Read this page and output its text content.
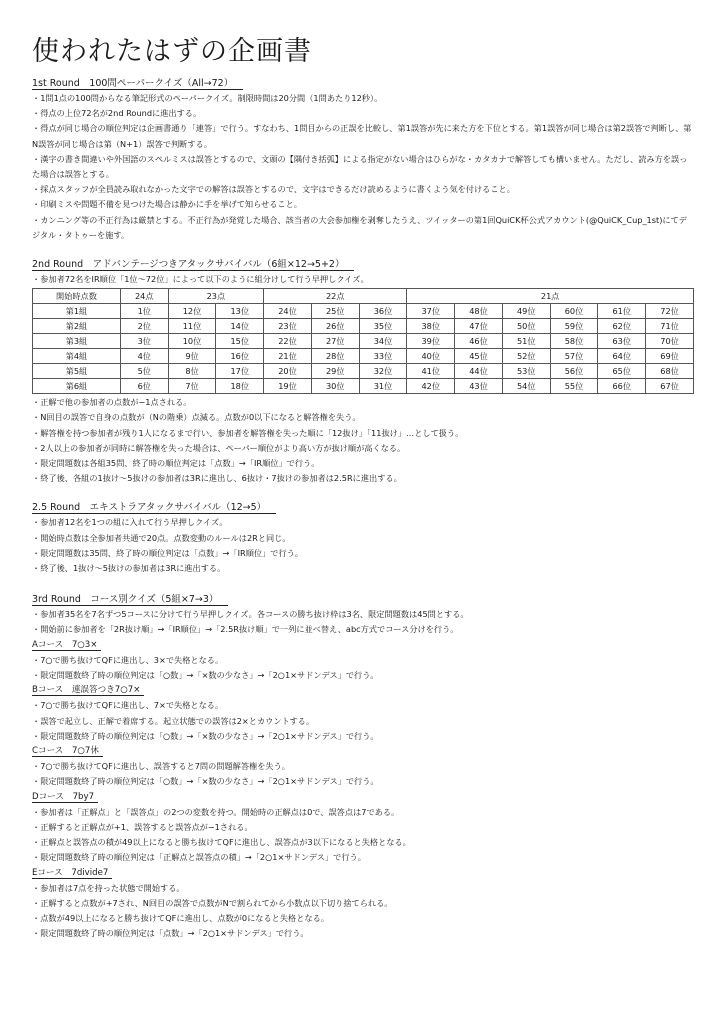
使われたはずの企画書
1st Round　100問ペーパークイズ（All→72）
・1問1点の100問からなる筆記形式のペーパークイズ。制限時間は20分間（1問あたり12秒）。
・得点の上位72名が2nd Roundに進出する。
・得点が同じ場合の順位判定は企画書通り「連答」で行う。すなわち、1問目からの正誤を比較し、第1誤答が先に来た方を下位とする。第1誤答が同じ場合は第2誤答で判断し、第N誤答が同じ場合は第（N+1）誤答で判断する。
・漢字の書き間違いや外国語のスペルミスは誤答とするので、文頭の【隅付き括弧】による指定がない場合はひらがな・カタカナで解答しても構いません。ただし、読み方を誤った場合は誤答とする。
・採点スタッフが全員読み取れなかった文字での解答は誤答とするので、文字はできるだけ読めるように書くよう気を付けること。
・印刷ミスや問題不備を見つけた場合は静かに手を挙げて知らせること。
・カンニング等の不正行為は厳禁とする。不正行為が発覚した場合、該当者の大会参加権を剥奪したうえ、ツイッターの第1回QuiCK杯公式アカウント(@QuiCK_Cup_1st)にてデジタル・タトゥーを施す。
2nd Round　アドバンテージつきアタックサバイバル（6組×12→5+2）
・参加者72名をIR順位「1位〜72位」によって以下のように組分けして行う早押しクイズ。
開始時点数	24点	23点		22点			21点					
第1組	1位	12位	13位	24位	25位	36位	37位	48位	49位	60位	61位	72位
第2組	2位	11位	14位	23位	26位	35位	38位	47位	50位	59位	62位	71位
第3組	3位	10位	15位	22位	27位	34位	39位	46位	51位	58位	63位	70位
第4組	4位	9位	16位	21位	28位	33位	40位	45位	52位	57位	64位	69位
第5組	5位	8位	17位	20位	29位	32位	41位	44位	53位	56位	65位	68位
第6組	6位	7位	18位	19位	30位	31位	42位	43位	54位	55位	66位	67位
・正解で他の参加者の点数が−1点される。
・N回目の誤答で自身の点数が（Nの階乗）点減る。点数が0以下になると解答権を失う。
・解答権を持つ参加者が残り1人になるまで行い、参加者を解答権を失った順に「12抜け」「11抜け」…として扱う。
・2人以上の参加者が同時に解答権を失った場合は、ペーパー順位がより高い方が抜け順が高くなる。
・限定問題数は各組35問、終了時の順位判定は「点数」→「IR順位」で行う。
・終了後、各組の1抜け〜5抜けの参加者は3Rに進出し、6抜け・7抜けの参加者は2.5Rに進出する。
2.5 Round　エキストラアタックサバイバル（12→5）
・参加者12名を1つの組に入れて行う早押しクイズ。
・開始時点数は全参加者共通で20点。点数変動のルールは2Rと同じ。
・限定問題数は35問、終了時の順位判定は「点数」→「IR順位」で行う。
・終了後、1抜け〜5抜けの参加者は3Rに進出する。
3rd Round　コース別クイズ（5組×7→3）
・参加者35名を7名ずつ5コースに分けて行う早押しクイズ。各コースの勝ち抜け枠は3名、限定問題数は45問とする。
・開始前に参加者を「2R抜け順」→「IR順位」→「2.5R抜け順」で一列に並べ替え、abc方式でコース分けを行う。
Aコース　7○3×
・7○で勝ち抜けてQFに進出し、3×で失格となる。
・限定問題数終了時の順位判定は「○数」→「×数の少なさ」→「2○1×サドンデス」で行う。
Bコース　連誤答つき7○7×
・7○で勝ち抜けてQFに進出し、7×で失格となる。
・誤答で起立し、正解で着席する。起立状態での誤答は2×とカウントする。
・限定問題数終了時の順位判定は「○数」→「×数の少なさ」→「2○1×サドンデス」で行う。
Cコース　7○7休
・7○で勝ち抜けてQFに進出し、誤答すると7問の問題解答権を失う。
・限定問題数終了時の順位判定は「○数」→「×数の少なさ」→「2○1×サドンデス」で行う。
Dコース　7by7
・参加者は「正解点」と「誤答点」の2つの変数を持つ。開始時の正解点は0で、誤答点は7である。
・正解すると正解点が+1、誤答すると誤答点が−1される。
・正解点と誤答点の積が49以上になると勝ち抜けてQFに進出し、誤答点が3以下になると失格となる。
・限定問題数終了時の順位判定は「正解点と誤答点の積」→「2○1×サドンデス」で行う。
Eコース　7divide7
・参加者は7点を持った状態で開始する。
・正解すると点数が+7され、N回目の誤答で点数がNで割られてから小数点以下切り捨てられる。
・点数が49以上になると勝ち抜けてQFに進出し、点数が0になると失格となる。
・限定問題数終了時の順位判定は「点数」→「2○1×サドンデス」で行う。
